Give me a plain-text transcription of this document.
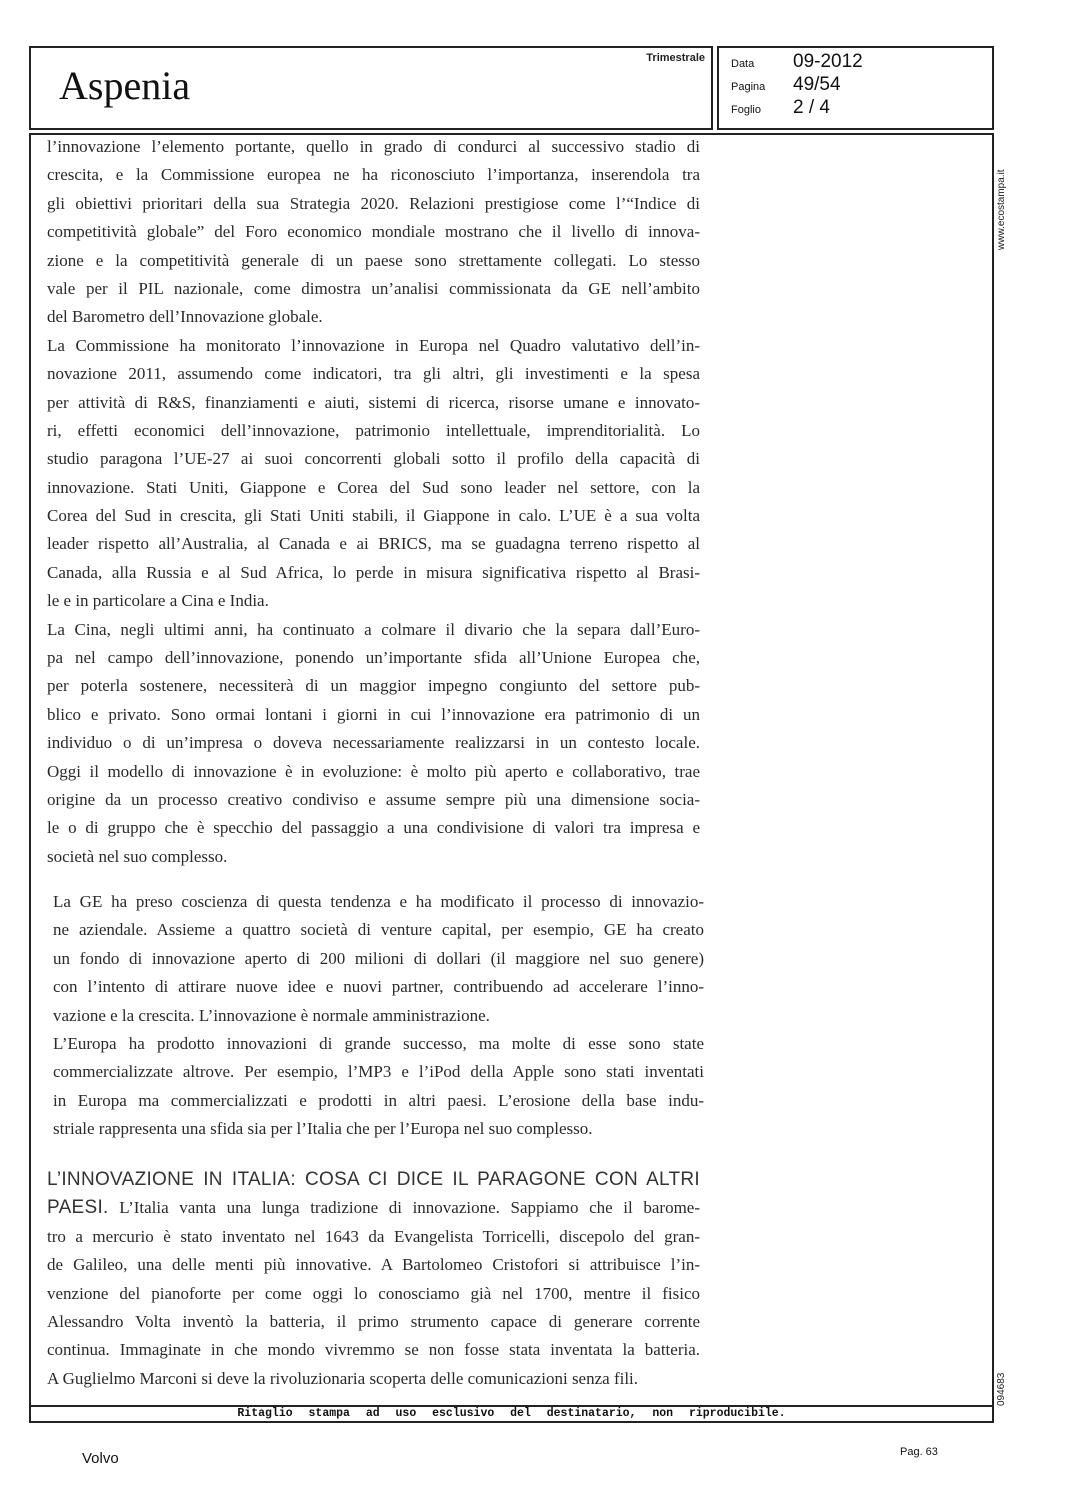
Aspenia
Trimestrale Data 09-2012
Pagina 49/54
Foglio 2 / 4
l’innovazione l’elemento portante, quello in grado di condurci al successivo stadio di
crescita, e la Commissione europea ne ha riconosciuto l’importanza, inserendola tra
gli obiettivi prioritari della sua Strategia 2020. Relazioni prestigiose come l’“Indice di
competitività globale” del Foro economico mondiale mostrano che il livello di innova-
zione e la competitività generale di un paese sono strettamente collegati. Lo stesso
vale per il PIL nazionale, come dimostra un’analisi commissionata da GE nell’ambito
del Barometro dell’Innovazione globale.
La Commissione ha monitorato l’innovazione in Europa nel Quadro valutativo dell’in-
novazione 2011, assumendo come indicatori, tra gli altri, gli investimenti e la spesa
per attività di R&S, finanziamenti e aiuti, sistemi di ricerca, risorse umane e innovato-
ri, effetti economici dell’innovazione, patrimonio intellettuale, imprenditorialità. Lo
studio paragona l’UE-27 ai suoi concorrenti globali sotto il profilo della capacità di
innovazione. Stati Uniti, Giappone e Corea del Sud sono leader nel settore, con la
Corea del Sud in crescita, gli Stati Uniti stabili, il Giappone in calo. L’UE è a sua volta
leader rispetto all’Australia, al Canada e ai BRICS, ma se guadagna terreno rispetto al
Canada, alla Russia e al Sud Africa, lo perde in misura significativa rispetto al Brasi-
le e in particolare a Cina e India.
La Cina, negli ultimi anni, ha continuato a colmare il divario che la separa dall’Euro-
pa nel campo dell’innovazione, ponendo un’importante sfida all’Unione Europea che,
per poterla sostenere, necessiterà di un maggior impegno congiunto del settore pub-
blico e privato. Sono ormai lontani i giorni in cui l’innovazione era patrimonio di un
individuo o di un’impresa o doveva necessariamente realizzarsi in un contesto locale.
Oggi il modello di innovazione è in evoluzione: è molto più aperto e collaborativo, trae
origine da un processo creativo condiviso e assume sempre più una dimensione socia-
le o di gruppo che è specchio del passaggio a una condivisione di valori tra impresa e
società nel suo complesso.
La GE ha preso coscienza di questa tendenza e ha modificato il processo di innovazio-
ne aziendale. Assieme a quattro società di venture capital, per esempio, GE ha creato
un fondo di innovazione aperto di 200 milioni di dollari (il maggiore nel suo genere)
con l’intento di attirare nuove idee e nuovi partner, contribuendo ad accelerare l’inno-
vazione e la crescita. L’innovazione è normale amministrazione.
L’Europa ha prodotto innovazioni di grande successo, ma molte di esse sono state
commercializzate altrove. Per esempio, l’MP3 e l’iPod della Apple sono stati inventati
in Europa ma commercializzati e prodotti in altri paesi. L’erosione della base indu-
striale rappresenta una sfida sia per l’Italia che per l’Europa nel suo complesso.
L’INNOVAZIONE IN ITALIA: COSA CI DICE IL PARAGONE CON ALTRI
PAESI. L’Italia vanta una lunga tradizione di innovazione. Sappiamo che il barome-
tro a mercurio è stato inventato nel 1643 da Evangelista Torricelli, discepolo del gran-
de Galileo, una delle menti più innovative. A Bartolomeo Cristofori si attribuisce l’in-
venzione del pianoforte per come oggi lo conosciamo già nel 1700, mentre il fisico
Alessandro Volta inventò la batteria, il primo strumento capace di generare corrente
continua. Immaginate in che mondo vivremmo se non fosse stata inventata la batteria.
A Guglielmo Marconi si deve la rivoluzionaria scoperta delle comunicazioni senza fili.
www.ecostampa.it
094683
Ritaglio stampa ad uso esclusivo del destinatario, non riproducibile.
Volvo	Pag. 63
